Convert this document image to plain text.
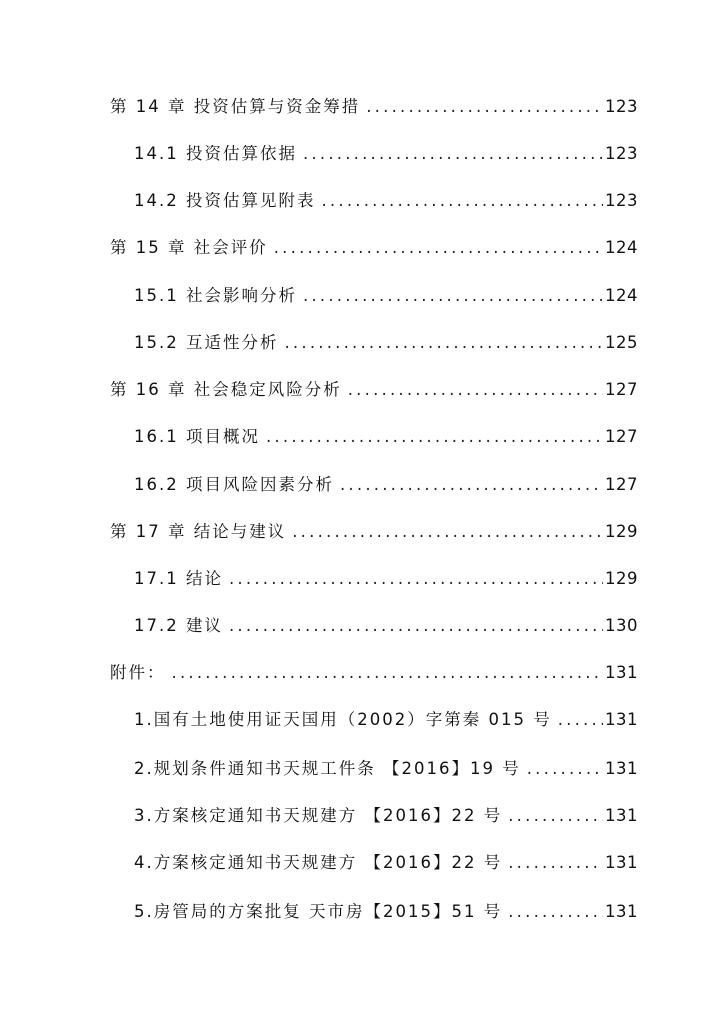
第 14 章 投资估算与资金筹措 .....	123
14.1 投资估算依据 .....	123
14.2 投资估算见附表 .....	123
第 15 章 社会评价 .....	124
15.1 社会影响分析 .....	124
15.2 互适性分析 .....	125
第 16 章 社会稳定风险分析 .....	127
16.1 项目概况 .....	127
16.2 项目风险因素分析 .....	127
第 17 章 结论与建议 .....	129
17.1 结论 .....	129
17.2 建议 .....	130
附件： .....	131
1.国有土地使用证天国用（2002）字第秦 015 号 .....	131
2.规划条件通知书天规工件条 【2016】19 号 .....	131
3.方案核定通知书天规建方 【2016】22 号 .....	131
4.方案核定通知书天规建方 【2016】22 号 .....	131
5.房管局的方案批复 天市房【2015】51 号 .....	131
